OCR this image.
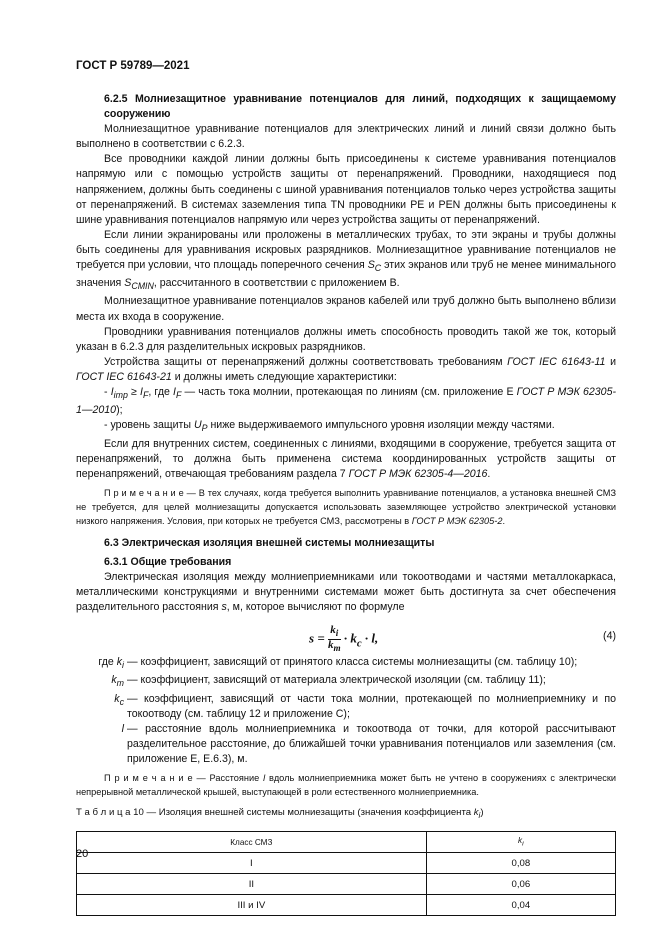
ГОСТ Р 59789—2021
6.2.5 Молниезащитное уравнивание потенциалов для линий, подходящих к защищаемому сооружению

Молниезащитное уравнивание потенциалов для электрических линий и линий связи должно быть выполнено в соответствии с 6.2.3.

Все проводники каждой линии должны быть присоединены к системе уравнивания потенциалов напрямую или с помощью устройств защиты от перенапряжений. Проводники, находящиеся под напряжением, должны быть соединены с шиной уравнивания потенциалов только через устройства защиты от перенапряжений. В системах заземления типа TN проводники PE и PEN должны быть присоединены к шине уравнивания потенциалов напрямую или через устройства защиты от перенапряжений.

Если линии экранированы или проложены в металлических трубах, то эти экраны и трубы должны быть соединены для уравнивания искровых разрядников. Молниезащитное уравнивание потенциалов не требуется при условии, что площадь поперечного сечения $S_C$ этих экранов или труб не менее минимального значения $S_{CMIN}$, рассчитанного в соответствии с приложением В.

Молниезащитное уравнивание потенциалов экранов кабелей или труб должно быть выполнено вблизи места их входа в сооружение.

Проводники уравнивания потенциалов должны иметь способность проводить такой же ток, который указан в 6.2.3 для разделительных искровых разрядников.

Устройства защиты от перенапряжений должны соответствовать требованиям ГОСТ IEC 61643-11 и ГОСТ IEC 61643-21 и должны иметь следующие характеристики:

- $I_{imp} \ge I_F$, где $I_F$ — часть тока молнии, протекающая по линиям (см. приложение Е ГОСТ Р МЭК 62305-1—2010);

- уровень защиты $U_P$ ниже выдерживаемого импульсного уровня изоляции между частями.

Если для внутренних систем, соединенных с линиями, входящими в сооружение, требуется защита от перенапряжений, то должна быть применена система координированных устройств защиты от перенапряжений, отвечающая требованиям раздела 7 ГОСТ Р МЭК 62305-4—2016.

П р и м е ч а н и е — В тех случаях, когда требуется выполнить уравнивание потенциалов, а установка внешней СМЗ не требуется, для целей молниезащиты допускается использовать заземляющее устройство электрической установки низкого напряжения. Условия, при которых не требуется СМЗ, рассмотрены в ГОСТ Р МЭК 62305-2.

6.3 Электрическая изоляция внешней системы молниезащиты
6.3.1 Общие требования

Электрическая изоляция между молниеприемниками или токоотводами и частями металлокаркаса, металлическими конструкциями и внутренними системами может быть достигнута за счет обеспечения разделительного расстояния s, м, которое вычисляют по формуле

$s = \frac{k_i}{k_m} \cdot k_c \cdot l$,	(4)
где $k_i$ — коэффициент, зависящий от принятого класса системы молниезащиты (см. таблицу 10);
$k_m$ — коэффициент, зависящий от материала электрической изоляции (см. таблицу 11);
$k_c$ — коэффициент, зависящий от части тока молнии, протекающей по молниеприемнику и по токоотводу (см. таблицу 12 и приложение С);
l — расстояние вдоль молниеприемника и токоотвода от точки, для которой рассчитывают разделительное расстояние, до ближайшей точки уравнивания потенциалов или заземления (см. приложение Е, Е.6.3), м.

П р и м е ч а н и е — Расстояние l вдоль молниеприемника может быть не учтено в сооружениях с электрически непрерывной металлической крышей, выступающей в роли естественного молниеприемника.

Т а б л и ц а 10 — Изоляция внешней системы молниезащиты (значения коэффициента $k_i$)
Класс СМЗ	$k_i$
I	0,08
II	0,06
III и IV	0,04
20
